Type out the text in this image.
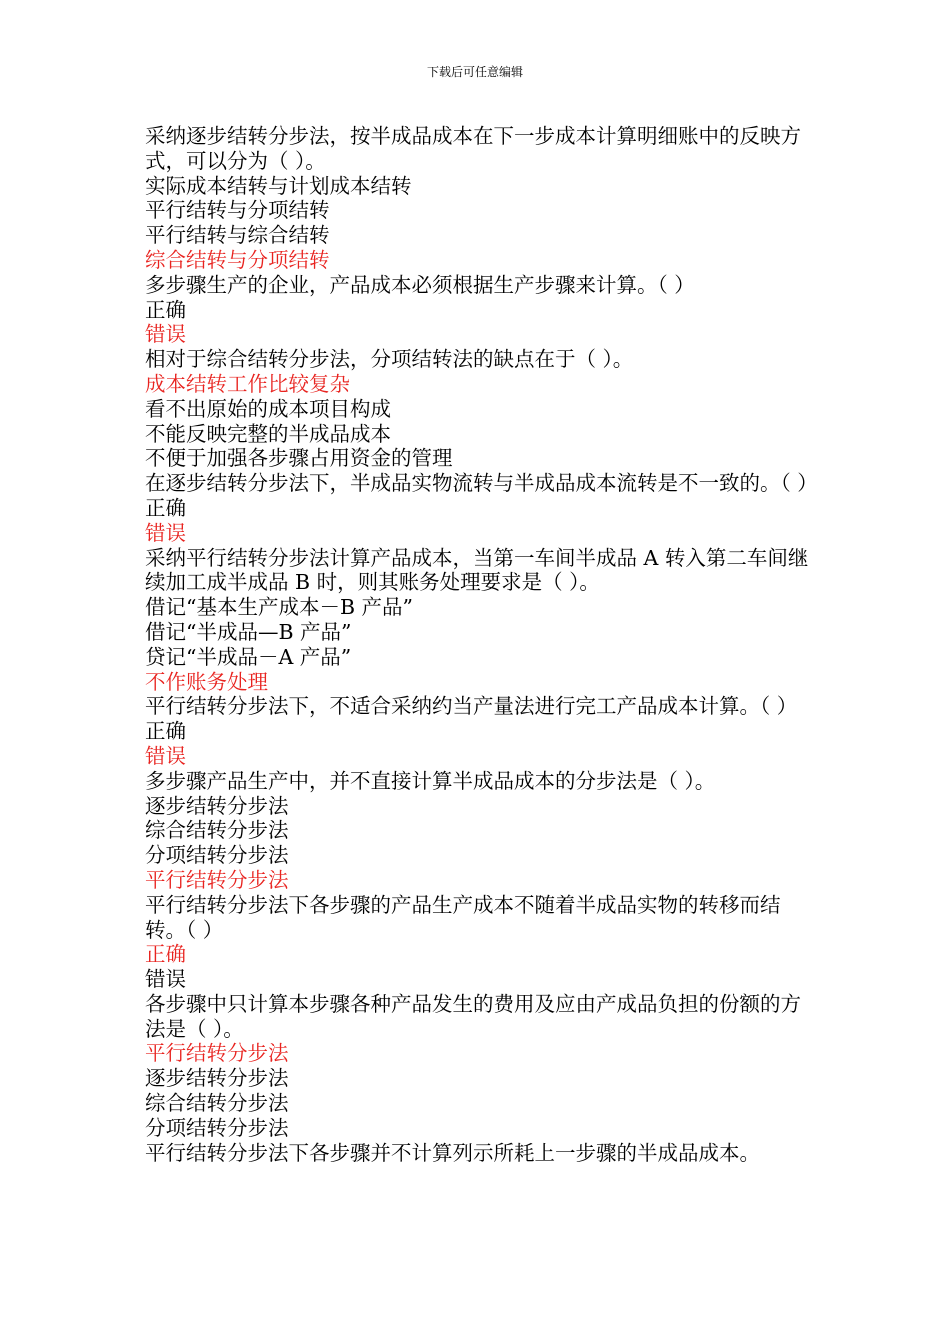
下载后可任意编辑

采纳逐步结转分步法，按半成品成本在下一步成本计算明细账中的反映方式，可以分为（ ）。

实际成本结转与计划成本结转

平行结转与分项结转

平行结转与综合结转

综合结转与分项结转

多步骤生产的企业，产品成本必须根据生产步骤来计算。（ ）

正确

错误

相对于综合结转分步法，分项结转法的缺点在于（ ）。

成本结转工作比较复杂

看不出原始的成本项目构成

不能反映完整的半成品成本

不便于加强各步骤占用资金的管理

在逐步结转分步法下，半成品实物流转与半成品成本流转是不一致的。（ ）

正确

错误

采纳平行结转分步法计算产品成本，当第一车间半成品 A 转入第二车间继续加工成半成品 B 时，则其账务处理要求是（ ）。

借记“基本生产成本－B 产品”

借记“半成品—B 产品”

贷记“半成品－A 产品”

不作账务处理

平行结转分步法下，不适合采纳约当产量法进行完工产品成本计算。（ ）

正确

错误

多步骤产品生产中，并不直接计算半成品成本的分步法是（ ）。

逐步结转分步法

综合结转分步法

分项结转分步法

平行结转分步法

平行结转分步法下各步骤的产品生产成本不随着半成品实物的转移而结转。（ ）

正确

错误

各步骤中只计算本步骤各种产品发生的费用及应由产成品负担的份额的方法是（ ）。

平行结转分步法

逐步结转分步法

综合结转分步法

分项结转分步法

平行结转分步法下各步骤并不计算列示所耗上一步骤的半成品成本。
